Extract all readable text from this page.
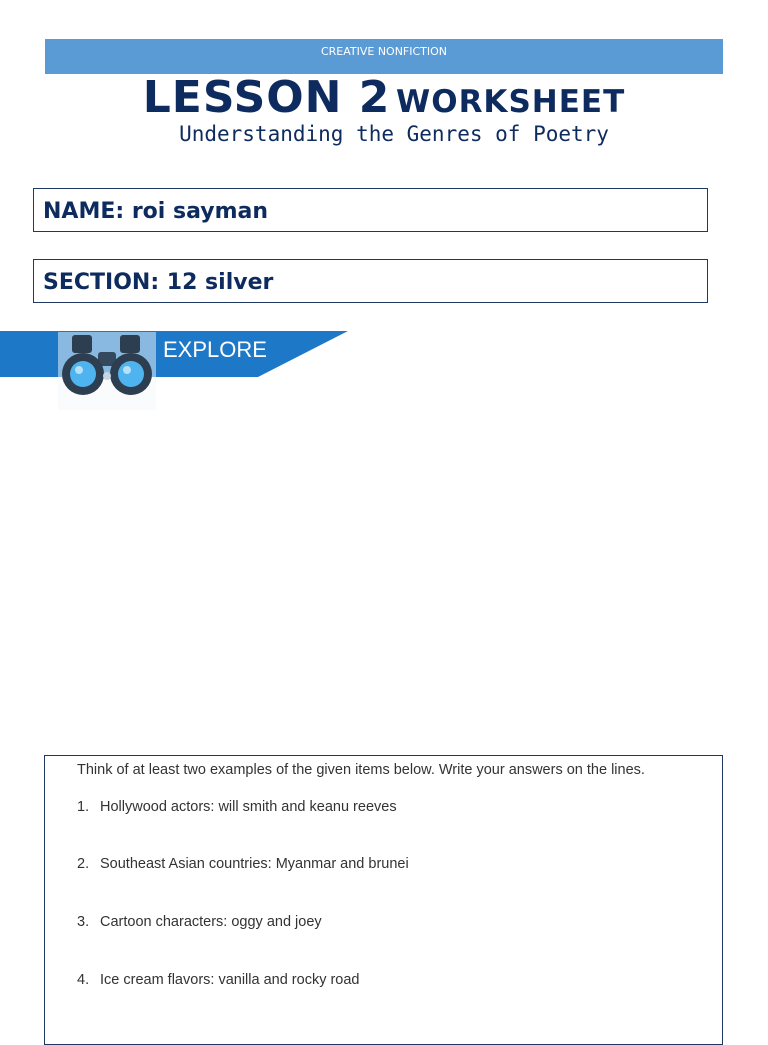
CREATIVE NONFICTION
LESSON 2 WORKSHEET
Understanding the Genres of Poetry
NAME: roi sayman
SECTION: 12 silver
EXPLORE
Think of at least two examples of the given items below. Write your answers on the lines.
1. Hollywood actors: will smith and keanu reeves
2. Southeast Asian countries: Myanmar and brunei
3. Cartoon characters: oggy and joey
4. Ice cream flavors: vanilla and rocky road
